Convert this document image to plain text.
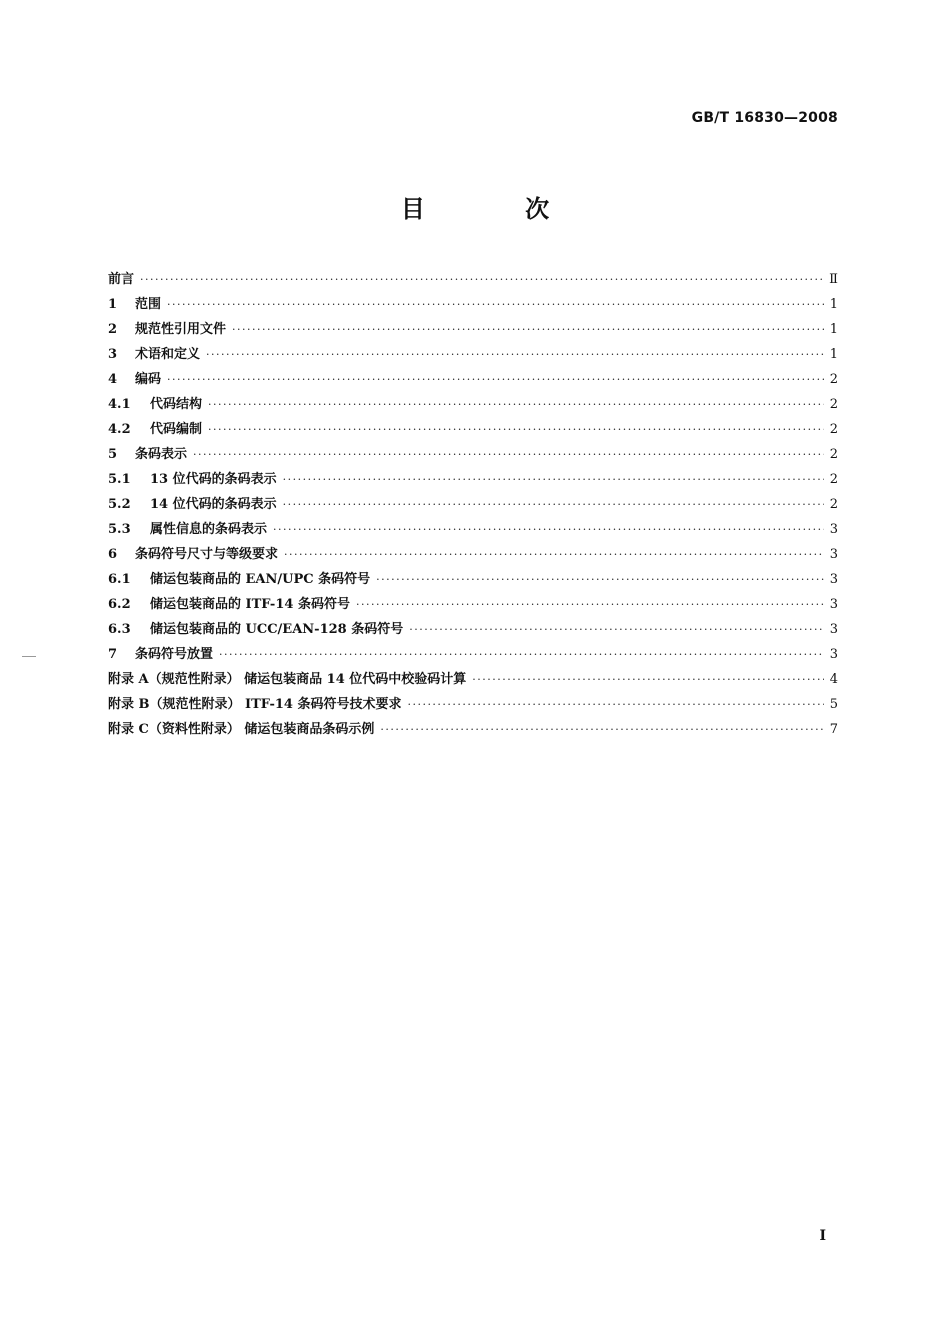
GB/T 16830—2008
目 次
前言 ·····	Ⅱ
1	范围 ·····	1
2	规范性引用文件 ·····	1
3	术语和定义 ·····	1
4	编码 ·····	2
4.1	代码结构 ·····	2
4.2	代码编制 ·····	2
5	条码表示 ·····	2
5.1	13 位代码的条码表示 ·····	2
5.2	14 位代码的条码表示 ·····	2
5.3	属性信息的条码表示 ·····	3
6	条码符号尺寸与等级要求 ·····	3
6.1	储运包装商品的 EAN/UPC 条码符号 ·····	3
6.2	储运包装商品的 ITF-14 条码符号 ·····	3
6.3	储运包装商品的 UCC/EAN-128 条码符号 ·····	3
7	条码符号放置 ·····	3
附录 A（规范性附录） 储运包装商品 14 位代码中校验码计算 ·····	4
附录 B（规范性附录） ITF-14 条码符号技术要求 ·····	5
附录 C（资料性附录） 储运包装商品条码示例 ·····	7
I
